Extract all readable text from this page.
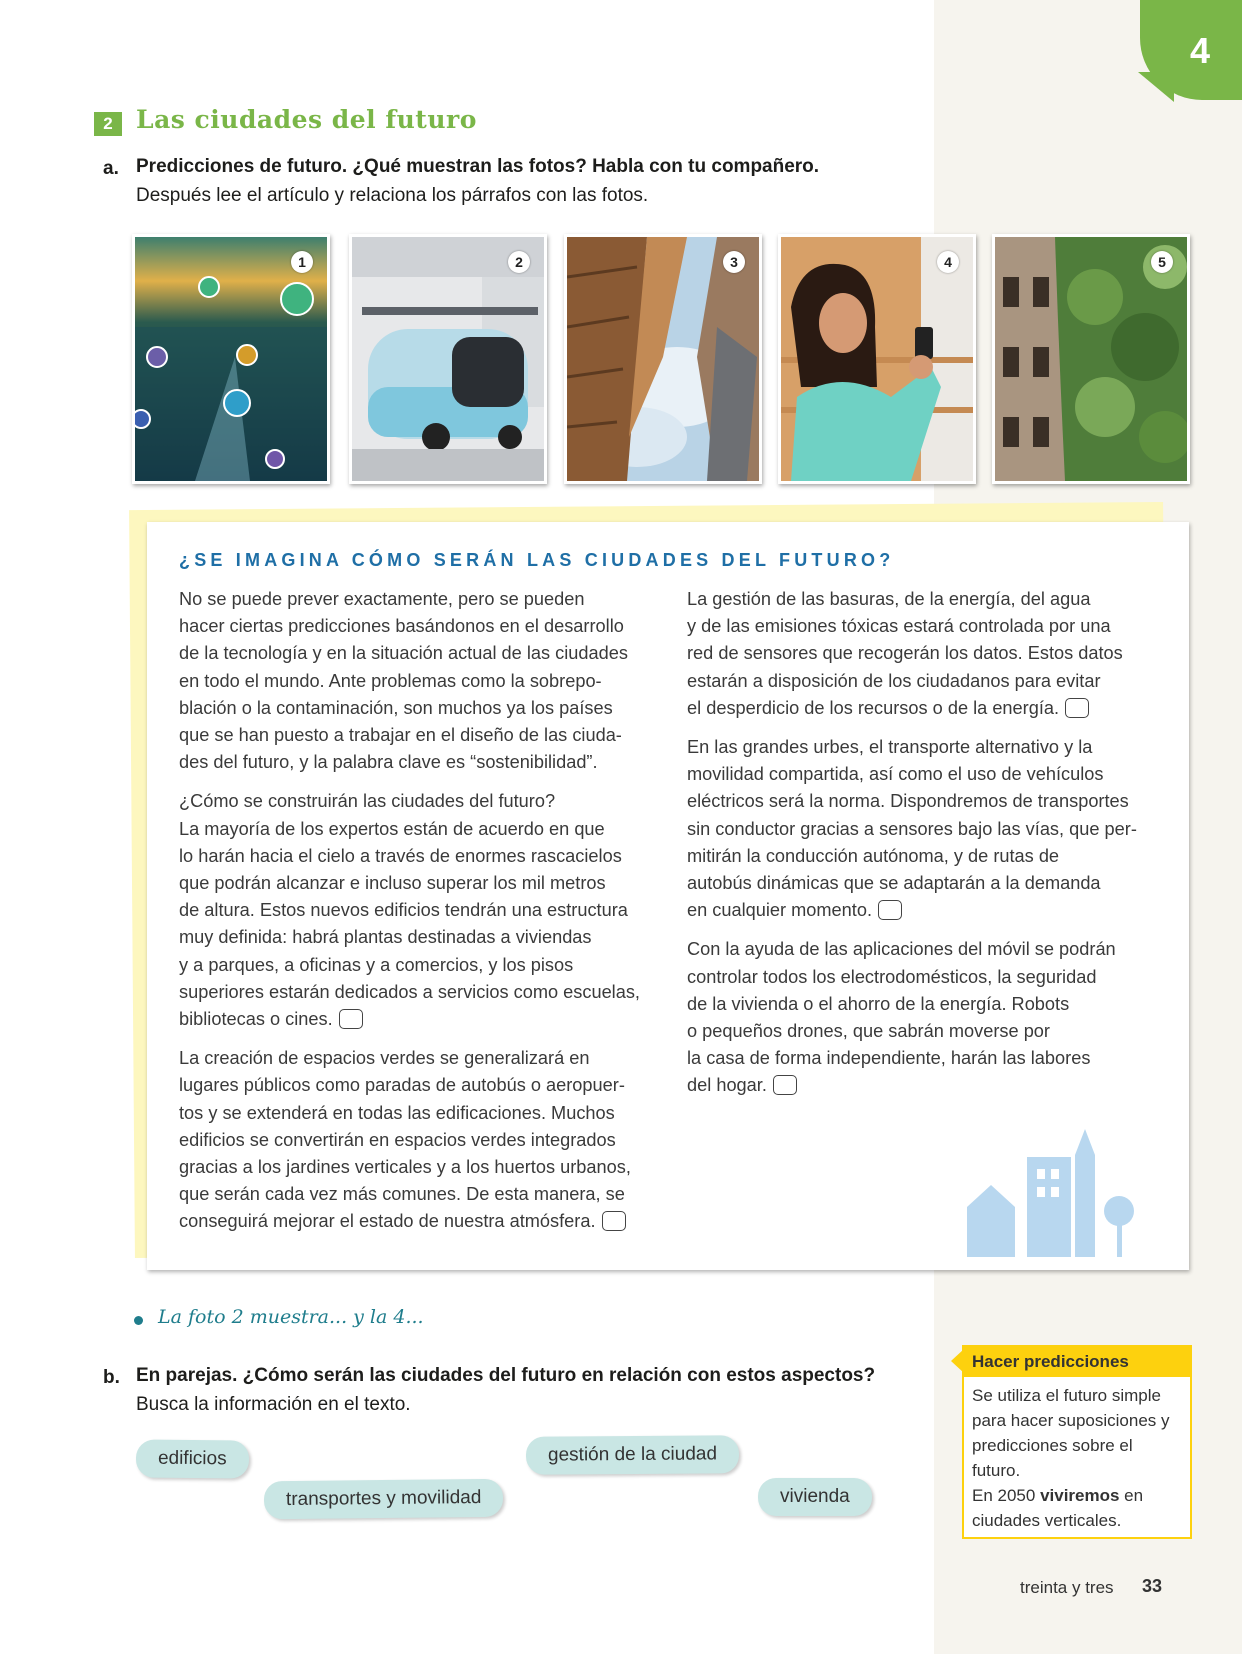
4
2 Las ciudades del futuro
a. Predicciones de futuro. ¿Qué muestran las fotos? Habla con tu compañero.
Después lee el artículo y relaciona los párrafos con las fotos.
1	2	3	4	5
¿SE IMAGINA CÓMO SERÁN LAS CIUDADES DEL FUTURO?

No se puede prever exactamente, pero se pueden
hacer ciertas predicciones basándonos en el desarrollo
de la tecnología y en la situación actual de las ciudades
en todo el mundo. Ante problemas como la sobrepo-
blación o la contaminación, son muchos ya los países
que se han puesto a trabajar en el diseño de las ciuda-
des del futuro, y la palabra clave es “sostenibilidad”.

¿Cómo se construirán las ciudades del futuro?
La mayoría de los expertos están de acuerdo en que
lo harán hacia el cielo a través de enormes rascacielos
que podrán alcanzar e incluso superar los mil metros
de altura. Estos nuevos edificios tendrán una estructura
muy definida: habrá plantas destinadas a viviendas
y a parques, a oficinas y a comercios, y los pisos
superiores estarán dedicados a servicios como escuelas,
bibliotecas o cines.

La creación de espacios verdes se generalizará en
lugares públicos como paradas de autobús o aeropuer-
tos y se extenderá en todas las edificaciones. Muchos
edificios se convertirán en espacios verdes integrados
gracias a los jardines verticales y a los huertos urbanos,
que serán cada vez más comunes. De esta manera, se
conseguirá mejorar el estado de nuestra atmósfera.

La gestión de las basuras, de la energía, del agua
y de las emisiones tóxicas estará controlada por una
red de sensores que recogerán los datos. Estos datos
estarán a disposición de los ciudadanos para evitar
el desperdicio de los recursos o de la energía.

En las grandes urbes, el transporte alternativo y la
movilidad compartida, así como el uso de vehículos
eléctricos será la norma. Dispondremos de transportes
sin conductor gracias a sensores bajo las vías, que per-
mitirán la conducción autónoma, y de rutas de
autobús dinámicas que se adaptarán a la demanda
en cualquier momento.

Con la ayuda de las aplicaciones del móvil se podrán
controlar todos los electrodomésticos, la seguridad
de la vivienda o el ahorro de la energía. Robots
o pequeños drones, que sabrán moverse por
la casa de forma independiente, harán las labores
del hogar.

La foto 2 muestra... y la 4...
b. En parejas. ¿Cómo serán las ciudades del futuro en relación con estos aspectos?
Busca la información en el texto.
edificios	gestión de la ciudad
transportes y movilidad	vivienda
Hacer predicciones
Se utiliza el futuro simple
para hacer suposiciones y
predicciones sobre el
futuro.
En 2050 viviremos en
ciudades verticales.
treinta y tres 33
